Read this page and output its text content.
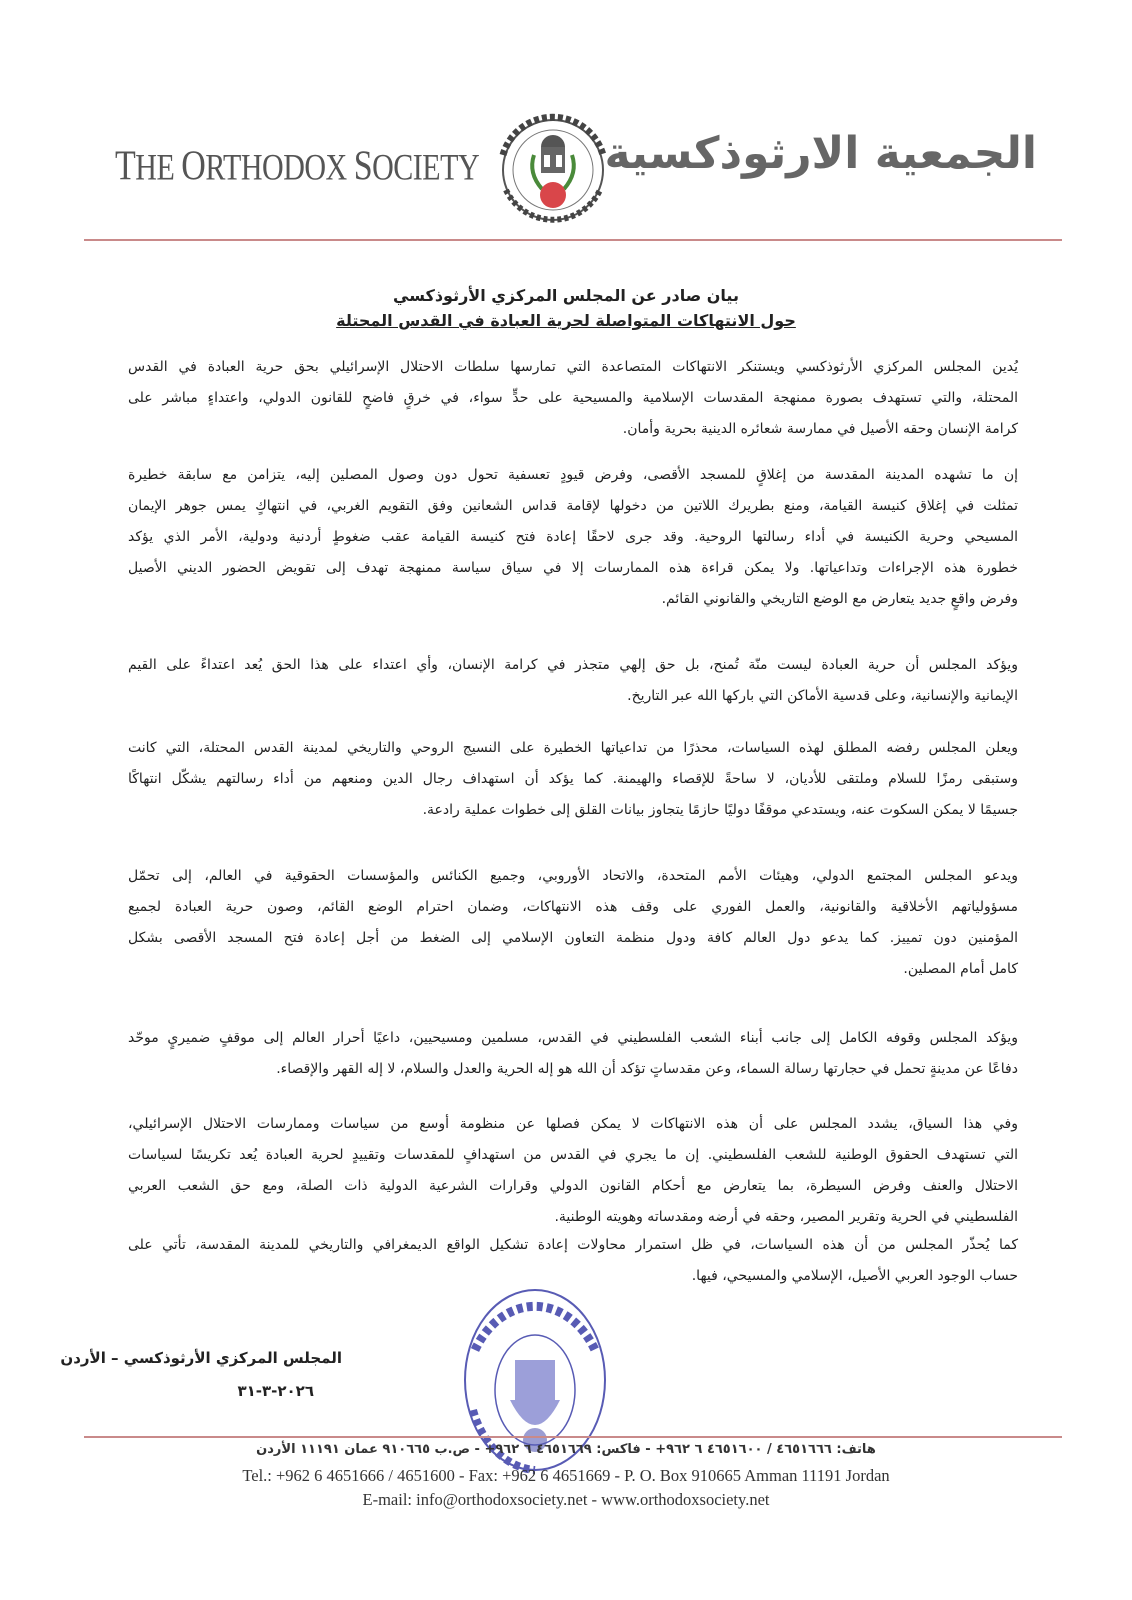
THE ORTHODOX SOCIETY	الجمعية الارثوذكسية
بيان صادر عن المجلس المركزي الأرثوذكسي
حول الانتهاكات المتواصلة لحرية العبادة في القدس المحتلة
يُدين المجلس المركزي الأرثوذكسي ويستنكر الانتهاكات المتصاعدة التي تمارسها سلطات الاحتلال الإسرائيلي بحق حرية العبادة في القدس
المحتلة، والتي تستهدف بصورة ممنهجة المقدسات الإسلامية والمسيحية على حدٍّ سواء، في خرقٍ فاضحٍ للقانون الدولي، واعتداءٍ مباشر على
كرامة الإنسان وحقه الأصيل في ممارسة شعائره الدينية بحرية وأمان.
إن ما تشهده المدينة المقدسة من إغلاقٍ للمسجد الأقصى، وفرض قيودٍ تعسفية تحول دون وصول المصلين إليه، يتزامن مع سابقة خطيرة
تمثلت في إغلاق كنيسة القيامة، ومنع بطريرك اللاتين من دخولها لإقامة قداس الشعانين وفق التقويم الغربي، في انتهاكٍ يمس جوهر الإيمان
المسيحي وحرية الكنيسة في أداء رسالتها الروحية. وقد جرى لاحقًا إعادة فتح كنيسة القيامة عقب ضغوطٍ أردنية ودولية، الأمر الذي يؤكد
خطورة هذه الإجراءات وتداعياتها. ولا يمكن قراءة هذه الممارسات إلا في سياق سياسة ممنهجة تهدف إلى تقويض الحضور الديني الأصيل
وفرض واقعٍ جديد يتعارض مع الوضع التاريخي والقانوني القائم.
ويؤكد المجلس أن حرية العبادة ليست منّة تُمنح، بل حق إلهي متجذر في كرامة الإنسان، وأي اعتداء على هذا الحق يُعد اعتداءً على القيم
الإيمانية والإنسانية، وعلى قدسية الأماكن التي باركها الله عبر التاريخ.
ويعلن المجلس رفضه المطلق لهذه السياسات، محذرًا من تداعياتها الخطيرة على النسيج الروحي والتاريخي لمدينة القدس المحتلة، التي كانت
وستبقى رمزًا للسلام وملتقى للأديان، لا ساحةً للإقصاء والهيمنة. كما يؤكد أن استهداف رجال الدين ومنعهم من أداء رسالتهم يشكّل انتهاكًا
جسيمًا لا يمكن السكوت عنه، ويستدعي موقفًا دوليًا حازمًا يتجاوز بيانات القلق إلى خطوات عملية رادعة.
ويدعو المجلس المجتمع الدولي، وهيئات الأمم المتحدة، والاتحاد الأوروبي، وجميع الكنائس والمؤسسات الحقوقية في العالم، إلى تحمّل
مسؤولياتهم الأخلاقية والقانونية، والعمل الفوري على وقف هذه الانتهاكات، وضمان احترام الوضع القائم، وصون حرية العبادة لجميع
المؤمنين دون تمييز. كما يدعو دول العالم كافة ودول منظمة التعاون الإسلامي إلى الضغط من أجل إعادة فتح المسجد الأقصى بشكل
كامل أمام المصلين.
ويؤكد المجلس وقوفه الكامل إلى جانب أبناء الشعب الفلسطيني في القدس، مسلمين ومسيحيين، داعيًا أحرار العالم إلى موقفٍ ضميريٍ موحّد
دفاعًا عن مدينةٍ تحمل في حجارتها رسالة السماء، وعن مقدساتٍ تؤكد أن الله هو إله الحرية والعدل والسلام، لا إله القهر والإقصاء.
وفي هذا السياق، يشدد المجلس على أن هذه الانتهاكات لا يمكن فصلها عن منظومة أوسع من سياسات وممارسات الاحتلال الإسرائيلي،
التي تستهدف الحقوق الوطنية للشعب الفلسطيني. إن ما يجري في القدس من استهدافٍ للمقدسات وتقييدٍ لحرية العبادة يُعد تكريسًا لسياسات
الاحتلال والعنف وفرض السيطرة، بما يتعارض مع أحكام القانون الدولي وقرارات الشرعية الدولية ذات الصلة، ومع حق الشعب العربي
الفلسطيني في الحرية وتقرير المصير، وحقه في أرضه ومقدساته وهويته الوطنية.
كما يُحذّر المجلس من أن هذه السياسات، في ظل استمرار محاولات إعادة تشكيل الواقع الديمغرافي والتاريخي للمدينة المقدسة، تأتي على
حساب الوجود العربي الأصيل، الإسلامي والمسيحي، فيها.
المجلس المركزي الأرثوذكسي – الأردن
٢٠٢٦-٣-٣١
هاتف: ٤٦٥١٦٦٦ / ٤٦٥١٦٠٠ ٦ ٩٦٢+ - فاكس: ٤٦٥١٦٦٩ ٦ ٩٦٢+ - ص.ب ٩١٠٦٦٥ عمان ١١١٩١ الأردن
Tel.: +962 6 4651666 / 4651600 - Fax: +962 6 4651669 - P. O. Box 910665 Amman 11191 Jordan
E-mail: info@orthodoxsociety.net - www.orthodoxsociety.net
